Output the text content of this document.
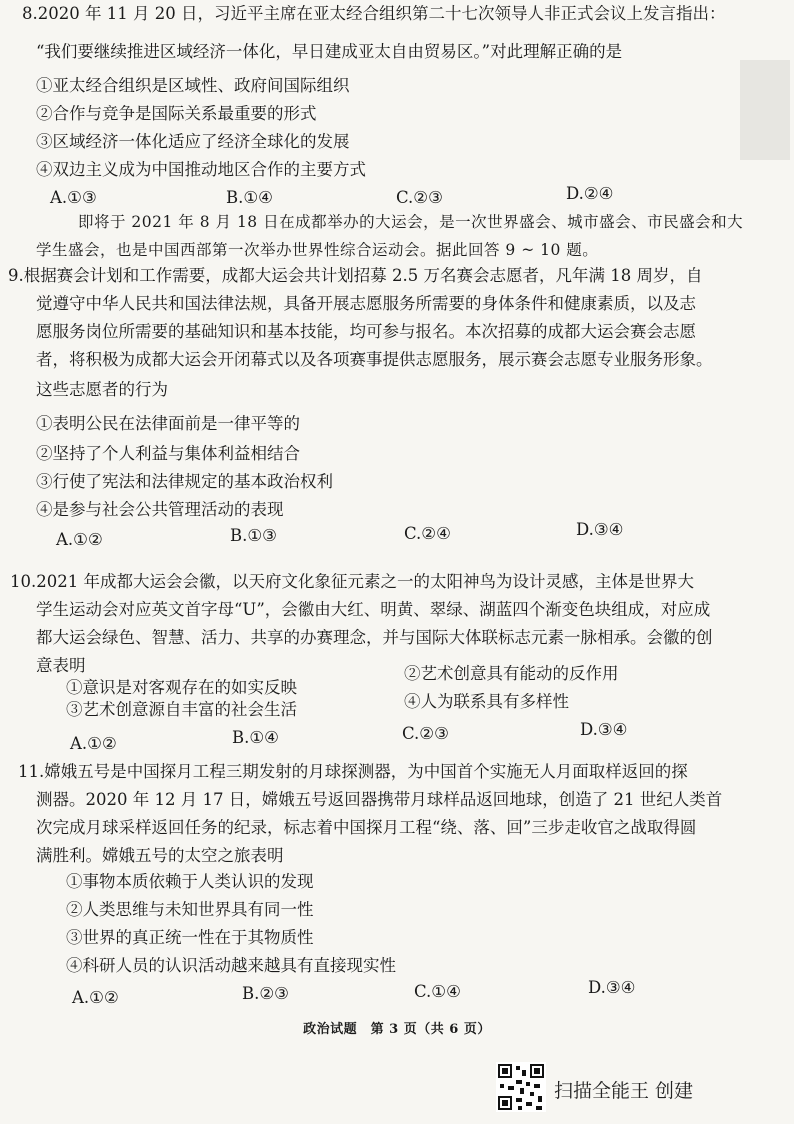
8.2020 年 11 月 20 日，习近平主席在亚太经合组织第二十七次领导人非正式会议上发言指出：
“我们要继续推进区域经济一体化，早日建成亚太自由贸易区。”对此理解正确的是
①亚太经合组织是区域性、政府间国际组织
②合作与竞争是国际关系最重要的形式
③区域经济一体化适应了经济全球化的发展
④双边主义成为中国推动地区合作的主要方式
A.①③	B.①④	C.②③	D.②④
即将于 2021 年 8 月 18 日在成都举办的大运会，是一次世界盛会、城市盛会、市民盛会和大
学生盛会，也是中国西部第一次举办世界性综合运动会。据此回答 9 ~ 10 题。
9.根据赛会计划和工作需要，成都大运会共计划招募 2.5 万名赛会志愿者，凡年满 18 周岁，自
觉遵守中华人民共和国法律法规，具备开展志愿服务所需要的身体条件和健康素质，以及志
愿服务岗位所需要的基础知识和基本技能，均可参与报名。本次招募的成都大运会赛会志愿
者，将积极为成都大运会开闭幕式以及各项赛事提供志愿服务，展示赛会志愿专业服务形象。
这些志愿者的行为
①表明公民在法律面前是一律平等的
②坚持了个人利益与集体利益相结合
③行使了宪法和法律规定的基本政治权利
④是参与社会公共管理活动的表现
A.①②	B.①③	C.②④	D.③④
10.2021 年成都大运会会徽，以天府文化象征元素之一的太阳神鸟为设计灵感，主体是世界大
学生运动会对应英文首字母“U”，会徽由大红、明黄、翠绿、湖蓝四个渐变色块组成，对应成
都大运会绿色、智慧、活力、共享的办赛理念，并与国际大体联标志元素一脉相承。会徽的创
意表明
①意识是对客观存在的如实反映
②艺术创意具有能动的反作用
③艺术创意源自丰富的社会生活	④人为联系具有多样性
A.①②	B.①④	C.②③	D.③④
11.嫦娥五号是中国探月工程三期发射的月球探测器，为中国首个实施无人月面取样返回的探
测器。2020 年 12 月 17 日，嫦娥五号返回器携带月球样品返回地球，创造了 21 世纪人类首
次完成月球采样返回任务的纪录，标志着中国探月工程“绕、落、回”三步走收官之战取得圆
满胜利。嫦娥五号的太空之旅表明
①事物本质依赖于人类认识的发现
②人类思维与未知世界具有同一性
③世界的真正统一性在于其物质性
④科研人员的认识活动越来越具有直接现实性
A.①②	B.②③	C.①④	D.③④
政治试题　第 3 页（共 6 页）
扫描全能王 创建
